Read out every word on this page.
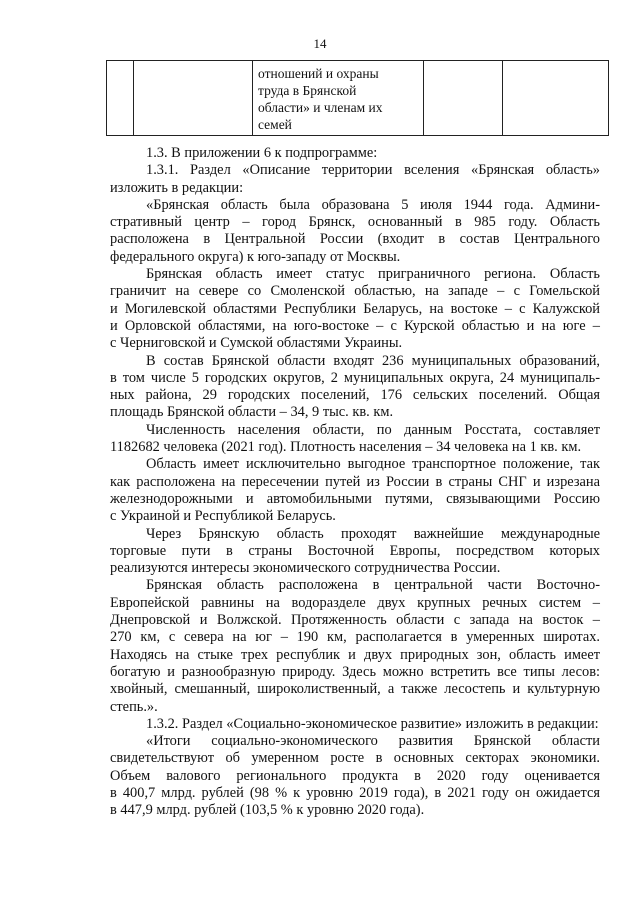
14

отношений и охраны
труда в Брянской
области» и членам их
семей

1.3. В приложении 6 к подпрограмме:

1.3.1. Раздел «Описание территории вселения «Брянская область»
изложить в редакции:

«Брянская область была образована 5 июля 1944 года. Админи-
стративный центр – город Брянск, основанный в 985 году. Область
расположена в Центральной России (входит в состав Центрального
федерального округа) к юго-западу от Москвы.

Брянская область имеет статус приграничного региона. Область
граничит на севере со Смоленской областью, на западе – с Гомельской
и Могилевской областями Республики Беларусь, на востоке – с Калужской
и Орловской областями, на юго-востоке – с Курской областью и на юге –
с Черниговской и Сумской областями Украины.

В состав Брянской области входят 236 муниципальных образований,
в том числе 5 городских округов, 2 муниципальных округа, 24 муниципаль-
ных района, 29 городских поселений, 176 сельских поселений. Общая
площадь Брянской области – 34, 9 тыс. кв. км.

Численность населения области, по данным Росстата, составляет
1182682 человека (2021 год). Плотность населения – 34 человека на 1 кв. км.

Область имеет исключительно выгодное транспортное положение, так
как расположена на пересечении путей из России в страны СНГ и изрезана
железнодорожными и автомобильными путями, связывающими Россию
с Украиной и Республикой Беларусь.

Через Брянскую область проходят важнейшие международные
торговые пути в страны Восточной Европы, посредством которых
реализуются интересы экономического сотрудничества России.

Брянская область расположена в центральной части Восточно-
Европейской равнины на водоразделе двух крупных речных систем –
Днепровской и Волжской. Протяженность области с запада на восток –
270 км, с севера на юг – 190 км, располагается в умеренных широтах.
Находясь на стыке трех республик и двух природных зон, область имеет
богатую и разнообразную природу. Здесь можно встретить все типы лесов:
хвойный, смешанный, широколиственный, а также лесостепь и культурную
степь.».

1.3.2. Раздел «Социально-экономическое развитие» изложить в редакции:

«Итоги социально-экономического развития Брянской области
свидетельствуют об умеренном росте в основных секторах экономики.
Объем валового регионального продукта в 2020 году оценивается
в 400,7 млрд. рублей (98 % к уровню 2019 года), в 2021 году он ожидается
в 447,9 млрд. рублей (103,5 % к уровню 2020 года).
